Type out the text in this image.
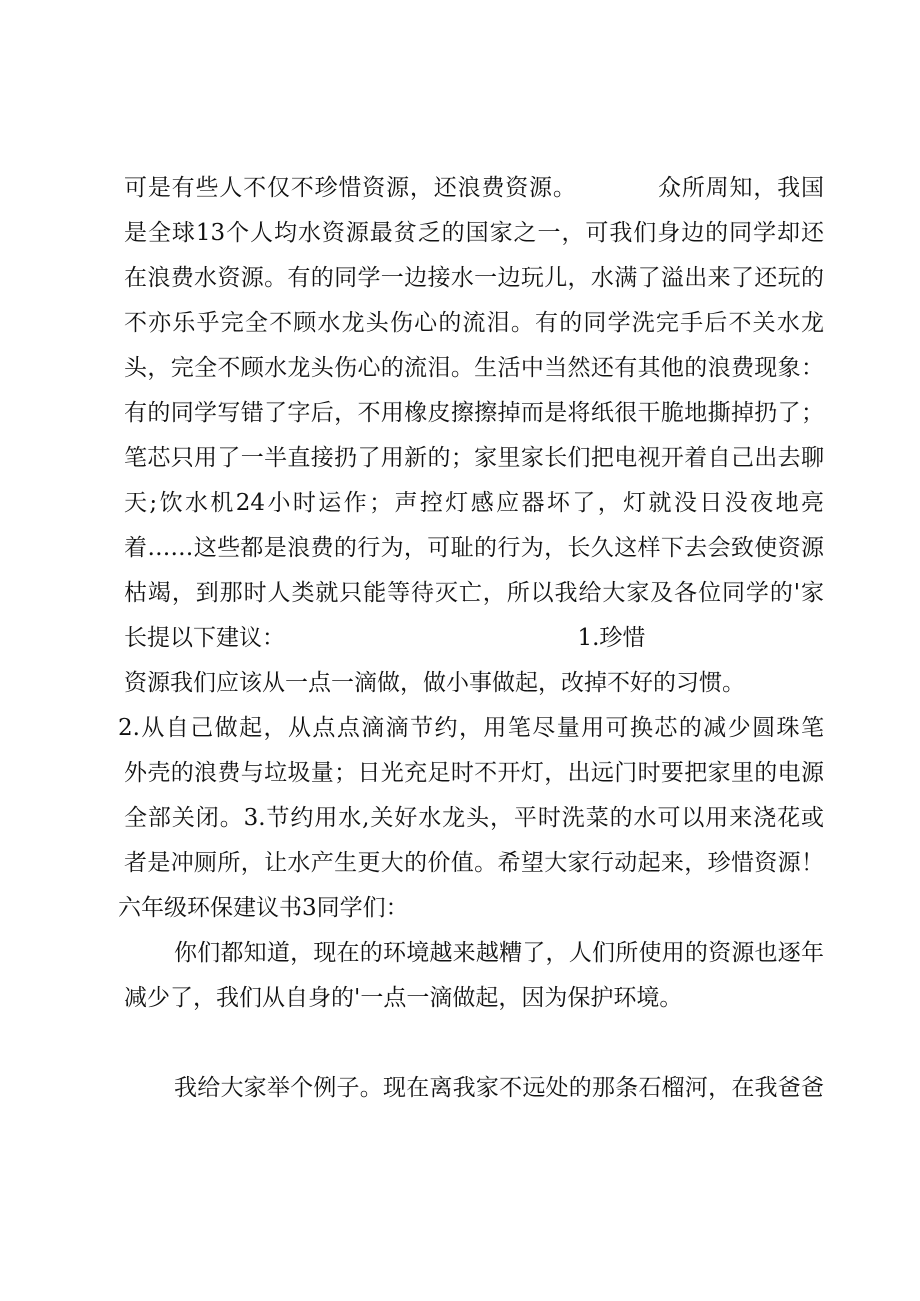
可是有些人不仅不珍惜资源，还浪费资源。          众所周知，我国
是全球13个人均水资源最贫乏的国家之一，可我们身边的同学却还
在浪费水资源。有的同学一边接水一边玩儿，水满了溢出来了还玩的
不亦乐乎完全不顾水龙头伤心的流泪。有的同学洗完手后不关水龙
头，完全不顾水龙头伤心的流泪。生活中当然还有其他的浪费现象：
有的同学写错了字后，不用橡皮擦擦掉而是将纸很干脆地撕掉扔了；
笔芯只用了一半直接扔了用新的；家里家长们把电视开着自己出去聊
天;饮水机24小时运作；声控灯感应器坏了，灯就没日没夜地亮
着……这些都是浪费的行为，可耻的行为，长久这样下去会致使资源
枯竭，到那时人类就只能等待灭亡，所以我给大家及各位同学的'家
长提以下建议：                                        1.珍惜
资源我们应该从一点一滴做，做小事做起，改掉不好的习惯。
2.从自己做起，从点点滴滴节约，用笔尽量用可换芯的减少圆珠笔
外壳的浪费与垃圾量；日光充足时不开灯，出远门时要把家里的电源
全部关闭。3.节约用水,关好水龙头，平时洗菜的水可以用来浇花或
者是冲厕所，让水产生更大的价值。希望大家行动起来，珍惜资源！
六年级环保建议书3同学们：
你们都知道，现在的环境越来越糟了，人们所使用的资源也逐年
减少了，我们从自身的'一点一滴做起，因为保护环境。
我给大家举个例子。现在离我家不远处的那条石榴河，在我爸爸
